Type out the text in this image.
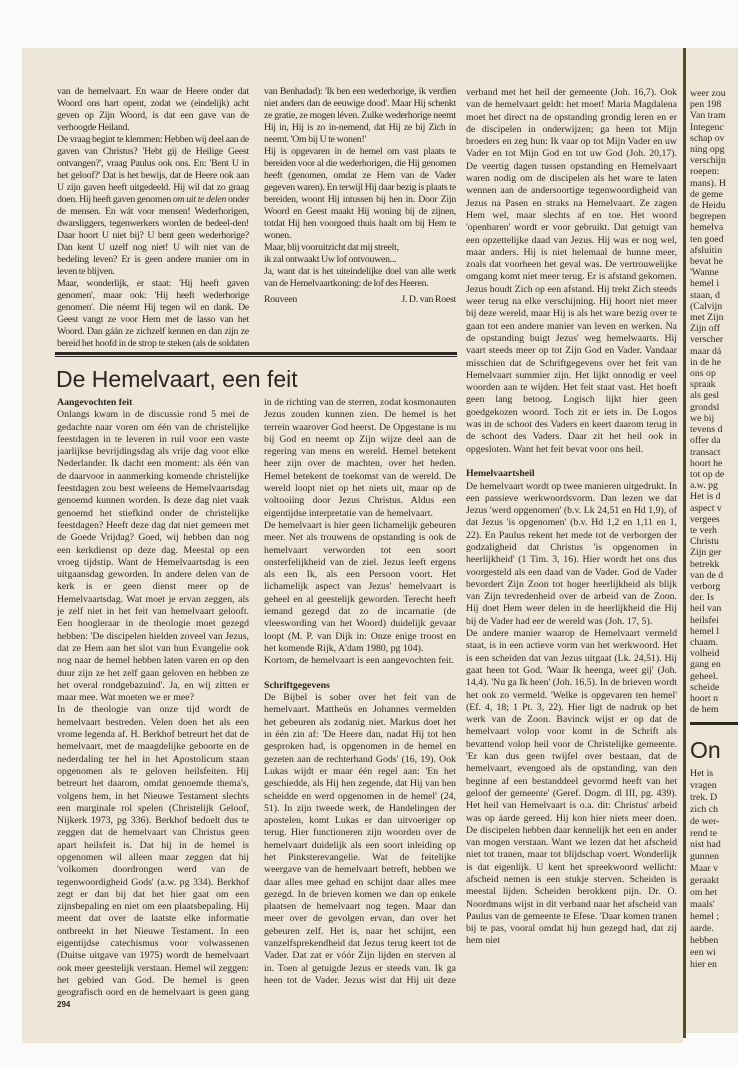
van de hemelvaart. En waar de Heere onder dat Woord ons hart opent, zodat we (eindelijk) acht geven op Zijn Woord, is dat een gave van de verhoogde Heiland.

De vraag begint te klemmen: Hebben wij deel aan de gaven van Christus? 'Hebt gij de Heilige Geest ontvangen?', vraag Paulus ook ons. En: 'Bent U in het geloof?' Dat is het bewijs, dat de Heere ook aan U zijn gaven heeft uitgedeeld. Hij wil dat zo graag doen. Hij heeft gaven genomen om uit te delen onder de mensen. En wát voor mensen! Wederhorigen, dwarsliggers, tegenwerkers worden de bedeel-den! Daar hoort U niet bij? U bent geen wederhorige? Dan kent U uzelf nog niet! U wilt niet van de bedeling leven? Er is geen andere manier om in leven te blijven.

Maar, wonderlijk, er staat: 'Hij heeft gaven genomen', maar ook: 'Hij heeft wederhorige genomen'. Die néemt Hij tegen wil en dank. De Geest vangt ze voor Hem met de lasso van het Woord. Dan gáán ze zichzelf kennen en dan zijn ze bereid het hoofd in de strop te steken (als de soldaten van Benhadad): 'Ik ben een wederhorige, ik verdien niet anders dan de eeuwige dood'. Maar Hij schenkt ze gratie, ze mogen léven. Zulke wederhorige neemt Hij in, Hij is zo in-nemend, dat Hij ze bij Zich in neemt. 'Om bij U te wonen!'

Hij is opgevaren in de hemel om vast plaats te bereiden voor al die wederhorigen, die Hij genomen heeft (genomen, omdat ze Hem van de Vader gegeven waren). En terwijl Hij daar bezig is plaats te bereiden, woont Hij intussen bij hen in. Door Zijn Woord en Geest maakt Hij woning bij de zijnen, totdat Hij hen voorgoed thuis haalt om bij Hem te wonen.

Maar, blij vooruitzicht dat mij streelt,

ik zal ontwaakt Uw lof ontvouwen...

Ja, want dat is het uiteindelijke doel van alle werk van de Hemelvaartkoning: de lof des Heeren.

Rouveen	J. D. van Roest
De Hemelvaart, een feit

Aangevochten feit

Onlangs kwam in de discussie rond 5 mei de gedachte naar voren om één van de christelijke feestdagen in te leveren in ruil voor een vaste jaarlijkse bevrijdingsdag als vrije dag voor elke Nederlander. Ik dacht een moment: als één van de daarvoor in aanmerking komende christelijke feestdagen zou best weleens de Hemelvaartsdag genoemd kunnen worden. Is deze dag niet vaak genoemd het stiefkind onder de christelijke feestdagen? Heeft deze dag dat niet gemeen met de Goede Vrijdag? Goed, wij hebben dan nog een kerkdienst op deze dag. Meestal op een vroeg tijdstip. Want de Hemelvaartsdag is een uitgaansdag geworden. In andere delen van de kerk is er geen dienst meer op de Hemelvaartsdag. Wat moet je ervan zeggen, als je zelf niet in het feit van hemelvaart gelooft. Een hoogleraar in de theologie moet gezegd hebben: 'De discipelen hielden zoveel van Jezus, dat ze Hem aan het slot van hun Evangelie ook nog naar de hemel hebben laten varen en op den duur zijn ze het zelf gaan geloven en hebben ze het overal rondgebazuind'. Ja, en wij zitten er maar mee. Wat moeten we er mee?

In de theologie van onze tijd wordt de hemelvaart bestreden. Velen doen het als een vrome legenda af. H. Berkhof betreurt het dat de hemelvaart, met de maagdelijke geboorte en de nederdaling ter hel in het Apostolicum staan opgenomen als te geloven heilsfeiten. Hij betreurt het daarom, omdat genoemde thema's, volgens hem, in het Nieuwe Testament slechts een marginale rol spelen (Christelijk Geloof, Nijkerk 1973, pg 336). Berkhof bedoelt dus te zeggen dat de hemelvaart van Christus geen apart heilsfeit is. Dat hij in de hemel is opgenomen wil alleen maar zeggen dat hij 'volkomen doordrongen werd van de tegenwoordigheid Gods' (a.w. pg 334). Berkhof zegt er dan bij dat het hier gaat om een zijnsbepaling en niet om een plaatsbepaling. Hij meent dat over de laatste elke informatie ontbreekt in het Nieuwe Testament. In een eigentijdse catechismus voor volwassenen (Duitse uitgave van 1975) wordt de hemelvaart ook meer geestelijk verstaan. Hemel wil zeggen: het gebied van God. De hemel is geen geografisch oord en de hemelvaart is geen gang in de richting van de sterren, zodat kosmonauten Jezus zouden kunnen zien. De hemel is het terrein waarover God heerst. De Opgestane is nu bij God en neemt op Zijn wijze deel aan de regering van mens en wereld. Hemel betekent heer zijn over de machten, over het heden. Hemel betekent de toekomst van de wereld. De wereld loopt niet op het niets uit, maar op de voltooiing door Jezus Christus. Aldus een eigentijdse interpretatie van de hemelvaart.

De hemelvaart is hier geen lichamelijk gebeuren meer. Net als trouwens de opstanding is ook de hemelvaart verworden tot een soort onsterfelijkheid van de ziel. Jezus leeft ergens als een Ik, als een Persoon voort. Het lichamelijk aspect van Jezus' hemelvaart is geheel en al geestelijk geworden. Terecht heeft iemand gezegd dat zo de incarnatie (de vleeswording van het Woord) duidelijk gevaar loopt (M. P. van Dijk in: Onze enige troost en het komende Rijk, A'dam 1980, pg 104).

Kortom, de hemelvaart is een aangevochten feit.

Schriftgegevens

De Bijbel is sober over het feit van de hemelvaart. Mattheüs en Johannes vermelden het gebeuren als zodanig niet. Markus doet het in één zin af: 'De Heere dan, nadat Hij tot hen gesproken had, is opgenomen in de hemel en gezeten aan de rechterhand Gods' (16, 19). Ook Lukas wijdt er maar één regel aan: 'En het geschiedde, als Hij hen zegende, dat Hij van hen scheidde en werd opgenomen in de hemel' (24, 51). In zijn tweede werk, de Handelingen der apostelen, komt Lukas er dan uitvoeriger op terug. Hier functioneren zijn woorden over de hemelvaart duidelijk als een soort inleiding op het Pinksterevangelie. Wat de feitelijke weergave van de hemelvaart betreft, hebben we daar alles mee gehad en schijnt daar alles mee gezegd. In de brieven komen we dan op enkele plaatsen de hemelvaart nog tegen. Maar dan meer over de gevolgen ervan, dan over het gebeuren zelf. Het is, naar het schijnt, een vanzelfsprekendheid dat Jezus terug keert tot de Vader. Dat zat er vóór Zijn lijden en sterven al in. Toen al getuigde Jezus er steeds van. Ik ga heen tot de Vader. Jezus wist dat Hij uit deze

verband met het heil der gemeente (Joh. 16,7). Ook van de hemelvaart geldt: het moet! Maria Magdalena moet het direct na de opstanding grondig leren en er de discipelen in onderwijzen; ga heen tot Mijn broeders en zeg hun: Ik vaar op tot Mijn Vader en uw Vader en tot Mijn God en tot uw God (Joh. 20,17). De veertig dagen tussen opstanding en Hemelvaart waren nodig om de discipelen als het ware te laten wennen aan de andersoortige tegenwoordigheid van Jezus na Pasen en straks na Hemelvaart. Ze zagen Hem wel, maar slechts af en toe. Het woord 'openbaren' wordt er voor gebruikt. Dat getuigt van een opzettelijke daad van Jezus. Hij was er nog wel, maar anders. Hij is niet helemaal de hunne meer, zoals dat voorheen het geval was. De vertrouwelijke omgang komt niet meer terug. Er is afstand gekomen. Jezus houdt Zich op een afstand. Hij trekt Zich steeds weer terug na elke verschijning. Hij hoort niet meer bij deze wereld, maar Hij is als het ware bezig over te gaan tot een andere manier van leven en werken. Na de opstanding buigt Jezus' weg hemelwaarts. Hij vaart steeds meer op tot Zijn God en Vader. Vandaar misschien dat de Schriftgegevens over het feit van Hemelvaart summier zijn. Het lijkt onnodig er veel woorden aan te wijden. Het feit staat vast. Het hoeft geen lang betoog. Logisch lijkt hier geen goedgekozen woord. Toch zit er iets in. De Logos was in de schoot des Vaders en keert daarom terug in de schoot des Vaders. Daar zit het heil ook in opgesloten. Want het feit bevat voor ons heil.

Hemelvaartsheil

De hemelvaart wordt op twee manieren uitgedrukt. In een passieve werkwoordsvorm. Dan lezen we dat Jezus 'werd opgenomen' (b.v. Lk 24,51 en Hd 1,9), of dat Jezus 'is opgenomen' (b.v. Hd 1,2 en 1,11 en 1, 22). En Paulus rekent het mede tot de verborgen der godzaligheid dat Christus 'is opgenomen in heerlijkheid' (1 Tim. 3, 16). Hier wordt het ons dus voorgesteld als een daad van de Vader. God de Vader bevordert Zijn Zoon tot hoger heerlijkheid als blijk van Zijn tevredenheid over de arbeid van de Zoon. Hij doet Hem weer delen in de heerlijkheid die Hij bij de Vader had eer de wereld was (Joh. 17, 5).

De andere manier waarop de Hemelvaart vermeld staat, is in een actieve vorm van het werkwoord. Het is een scheiden dat van Jezus uitgaat (Lk. 24,51). Hij gaat heen tot God. 'Waar Ik heenga, weet gij' (Joh. 14,4). 'Nu ga Ik heen' (Joh. 16,5). In de brieven wordt het ook zo vermeld. 'Welke is opgevaren ten hemel' (Ef. 4, 18; 1 Pt. 3, 22). Hier ligt de nadruk op het werk van de Zoon. Bavinck wijst er op dat de hemelvaart volop voor komt in de Schrift als bevattend volop heil voor de Christelijke gemeente. 'Er kan dus geen twijfel over bestaan, dat de hemelvaart, evengoed als de opstanding, van den beginne af een bestanddeel gevormd heeft van het geloof der gemeente' (Geref. Dogm. dl III, pg. 439). Het heil van Hemelvaart is o.a. dit: Christus' arbeid was op áarde gereed. Hij kon hier niets meer doen. De discipelen hebben daar kennelijk het een en ander van mogen verstaan. Want we lezen dat het afscheid niet tot tranen, maar tot blijdschap voert. Wonderlijk is dat eigenlijk. U kent het spreekwoord wellicht: afscheid nemen is een stukje sterven. Scheiden is meestal lijden. Scheiden berokkent pijn. Dr. O. Noordmans wijst in dit verband naar het afscheid van Paulus van de gemeente te Efese. 'Daar komen tranen bij te pas, vooral omdat hij hun gezegd had, dat zij hem niet

294
weer zou
pen 198
Van tram
Integenc
schap ov
ning opg
verschijn
roepen:
mans). H
de geme
de Heidu
begrepen
hemelva
ten goed
afsluitin
bevat he
'Wanne
hemel i
staan, d
(Calvijn
met Zijn
Zijn off
verscher
maar dá
in de he
ons op
spraak
als gesl
grondsl
we bij
tevens d
offer da
transact
hoort he
tot op de
a.w. pg
Het is d
aspect v
vergees
te verh
Christu
Zijn ger
betrekk
van de d
verborg
der. Is
heil van
heilsfei
hemel l
chaam.
volheid
gang en
geheel.
scheide
hoort n
de hem
On
Het is
vragen
trek. D
zich ch
de wer-
rend te
nist had
gunnen
Maar v
geraakt
om het
maals'
hemel ;
aarde.
hebben
een wi
hier en
